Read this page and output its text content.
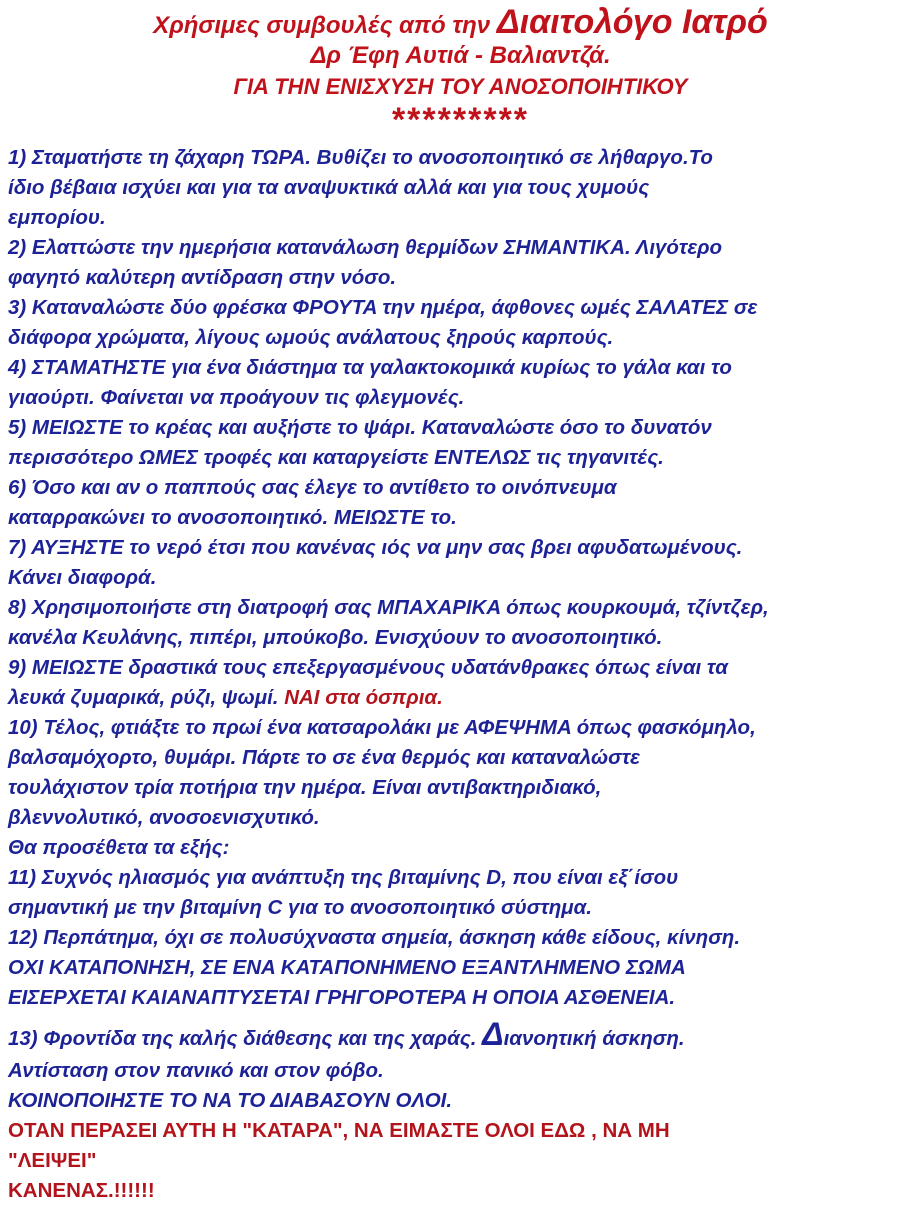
Χρήσιμες συμβουλές από την Διαιτολόγο Ιατρό
Δρ Έφη Αυτιά - Βαλιαντζά.
ΓΙΑ ΤΗΝ ΕΝΙΣΧΥΣΗ ΤΟΥ ΑΝΟΣΟΠΟΙΗΤΙΚΟΥ
*********
1) Σταματήστε τη ζάχαρη ΤΩΡΑ. Βυθίζει το ανοσοποιητικό σε λήθαργο.Το
ίδιο βέβαια ισχύει και για τα αναψυκτικά αλλά και για τους χυμούς
εμπορίου.
2) Ελαττώστε την ημερήσια κατανάλωση θερμίδων ΣΗΜΑΝΤΙΚΑ. Λιγότερο
φαγητό καλύτερη αντίδραση στην νόσο.
3) Καταναλώστε δύο φρέσκα ΦΡΟΥΤΑ την ημέρα, άφθονες ωμές ΣΑΛΑΤΕΣ σε
διάφορα χρώματα, λίγους ωμούς ανάλατους ξηρούς καρπούς.
4) ΣΤΑΜΑΤΗΣΤΕ για ένα διάστημα τα γαλακτοκομικά κυρίως το γάλα και το
γιαούρτι. Φαίνεται να προάγουν τις φλεγμονές.
5) ΜΕΙΩΣΤΕ το κρέας και αυξήστε το ψάρι. Καταναλώστε όσο το δυνατόν
περισσότερο ΩΜΕΣ τροφές και καταργείστε ΕΝΤΕΛΩΣ τις τηγανιτές.
6) Όσο και αν ο παππούς σας έλεγε το αντίθετο το οινόπνευμα
καταρρακώνει το ανοσοποιητικό. ΜΕΙΩΣΤΕ το.
7) ΑΥΞΗΣΤΕ το νερό έτσι που κανένας ιός να μην σας βρει αφυδατωμένους.
Κάνει διαφορά.
8) Χρησιμοποιήστε στη διατροφή σας ΜΠΑΧΑΡΙΚΑ όπως κουρκουμά, τζίντζερ,
κανέλα Κευλάνης, πιπέρι, μπούκοβο. Ενισχύουν το ανοσοποιητικό.
9) ΜΕΙΩΣΤΕ δραστικά τους επεξεργασμένους υδατάνθρακες όπως είναι τα
λευκά ζυμαρικά, ρύζι, ψωμί. ΝΑΙ στα όσπρια.
10) Τέλος, φτιάξτε το πρωί ένα κατσαρολάκι με ΑΦΕΨΗΜΑ όπως φασκόμηλο,
βαλσαμόχορτο, θυμάρι. Πάρτε το σε ένα θερμός και καταναλώστε
τουλάχιστον τρία ποτήρια την ημέρα. Είναι αντιβακτηριδιακό,
βλεννολυτικό, ανοσοενισχυτικό.
Θα προσέθετα τα εξής:
11) Συχνός ηλιασμός για ανάπτυξη της βιταμίνης D, που είναι εξ΄ίσου
σημαντική με την βιταμίνη C για το ανοσοποιητικό σύστημα.
12) Περπάτημα, όχι σε πολυσύχναστα σημεία, άσκηση κάθε είδους, κίνηση.
ΟΧΙ ΚΑΤΑΠΟΝΗΣΗ, ΣΕ ΕΝΑ ΚΑΤΑΠΟΝΗΜΕΝΟ ΕΞΑΝΤΛΗΜΕΝΟ ΣΩΜΑ
ΕΙΣΕΡΧΕΤΑΙ ΚΑΙΑΝΑΠΤΥΣΕΤΑΙ ΓΡΗΓΟΡΟΤΕΡΑ Η ΟΠΟΙΑ ΑΣΘΕΝΕΙΑ.
13) Φροντίδα της καλής διάθεσης και της χαράς. Διανοητική άσκηση.
Αντίσταση στον πανικό και στον φόβο.
ΚΟΙΝΟΠΟΙΗΣΤΕ ΤΟ ΝΑ ΤΟ ΔΙΑΒΑΣΟΥΝ ΟΛΟΙ.
ΟΤΑΝ ΠΕΡΑΣΕΙ ΑΥΤΗ Η "ΚΑΤΑΡΑ", ΝΑ ΕΙΜΑΣΤΕ ΟΛΟΙ ΕΔΩ , ΝΑ ΜΗ
"ΛΕΙΨΕΙ"
ΚΑΝΕΝΑΣ.!!!!!!
